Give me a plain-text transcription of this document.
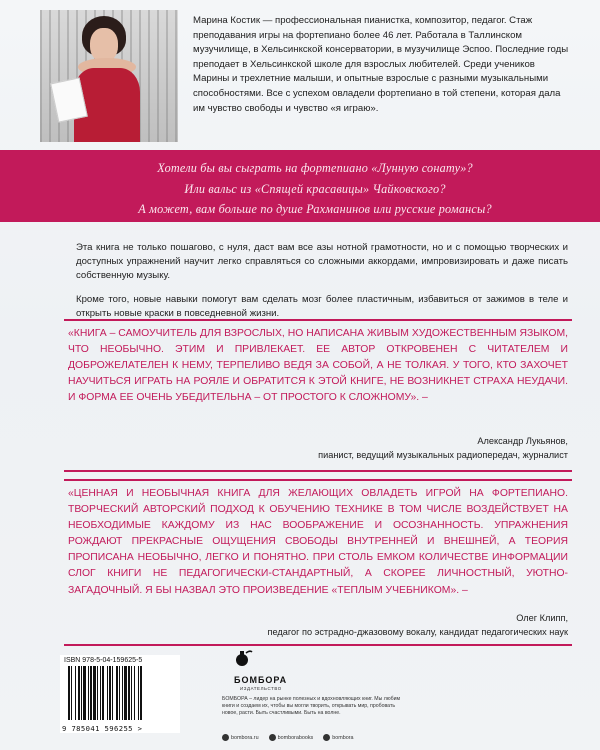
Марина Костик — профессиональная пианистка, композитор, педагог. Стаж преподавания игры на фортепиано более 46 лет. Работала в Таллинском музучилище, в Хельсинкской консерватории, в музучилище Эспоо. Последние годы преподает в Хельсинкской школе для взрослых любителей. Среди учеников Марины и трехлетние малыши, и опытные взрослые с разными музыкальными способностями. Все с успехом овладели фортепиано в той степени, которая дала им чувство свободы и чувство «я играю».

Хотели бы вы сыграть на фортепиано «Лунную сонату»?
Или вальс из «Спящей красавицы» Чайковского?
А может, вам больше по душе Рахманинов или русские романсы?

Эта книга не только пошагово, с нуля, даст вам все азы нотной грамотности, но и с помощью творческих и доступных упражнений научит легко справляться со сложными аккордами, импровизировать и даже писать собственную музыку.

Кроме того, новые навыки помогут вам сделать мозг более пластичным, избавиться от зажимов в теле и открыть новые краски в повседневной жизни.

«КНИГА – САМОУЧИТЕЛЬ ДЛЯ ВЗРОСЛЫХ, НО НАПИСАНА ЖИВЫМ ХУДОЖЕСТВЕННЫМ ЯЗЫКОМ, ЧТО НЕОБЫЧНО. ЭТИМ И ПРИВЛЕКАЕТ. ЕЕ АВТОР ОТКРОВЕНЕН С ЧИТАТЕЛЕМ И ДОБРОЖЕЛАТЕЛЕН К НЕМУ, ТЕРПЕЛИВО ВЕДЯ ЗА СОБОЙ, А НЕ ТОЛКАЯ. У ТОГО, КТО ЗАХОЧЕТ НАУЧИТЬСЯ ИГРАТЬ НА РОЯЛЕ И ОБРАТИТСЯ К ЭТОЙ КНИГЕ, НЕ ВОЗНИКНЕТ СТРАХА НЕУДАЧИ. И ФОРМА ЕЕ ОЧЕНЬ УБЕДИТЕЛЬНА – ОТ ПРОСТОГО К СЛОЖНОМУ». –

Александр Лукьянов,
пианист, ведущий музыкальных радиопередач, журналист

«ЦЕННАЯ И НЕОБЫЧНАЯ КНИГА ДЛЯ ЖЕЛАЮЩИХ ОВЛАДЕТЬ ИГРОЙ НА ФОРТЕПИАНО. ТВОРЧЕСКИЙ АВТОРСКИЙ ПОДХОД К ОБУЧЕНИЮ ТЕХНИКЕ В ТОМ ЧИСЛЕ ВОЗДЕЙСТВУЕТ НА НЕОБХОДИМЫЕ КАЖДОМУ ИЗ НАС ВООБРАЖЕНИЕ И ОСОЗНАННОСТЬ. УПРАЖНЕНИЯ РОЖДАЮТ ПРЕКРАСНЫЕ ОЩУЩЕНИЯ СВОБОДЫ ВНУТРЕННЕЙ И ВНЕШНЕЙ, А ТЕОРИЯ ПРОПИСАНА НЕОБЫЧНО, ЛЕГКО И ПОНЯТНО. ПРИ СТОЛЬ ЕМКОМ КОЛИЧЕСТВЕ ИНФОРМАЦИИ СЛОГ КНИГИ НЕ ПЕДАГОГИЧЕСКИ-СТАНДАРТНЫЙ, А СКОРЕЕ ЛИЧНОСТНЫЙ, УЮТНО-ЗАГАДОЧНЫЙ. Я БЫ НАЗВАЛ ЭТО ПРОИЗВЕДЕНИЕ «ТЕПЛЫМ УЧЕБНИКОМ». –

Олег Клипп,
педагог по эстрадно-джазовому вокалу, кандидат педагогических наук
ISBN 978-5-04-159625-5
9 785041 596255 >
БОМБОРА
ИЗДАТЕЛЬСТВО

БОМБОРА – лидер на рынке полезных и вдохновляющих книг. Мы любим книги и создаем их, чтобы вы могли творить, открывать мир, пробовать новое, расти. Быть счастливыми. Быть на волне.

bombora.ru	bomborabooks	bombora
